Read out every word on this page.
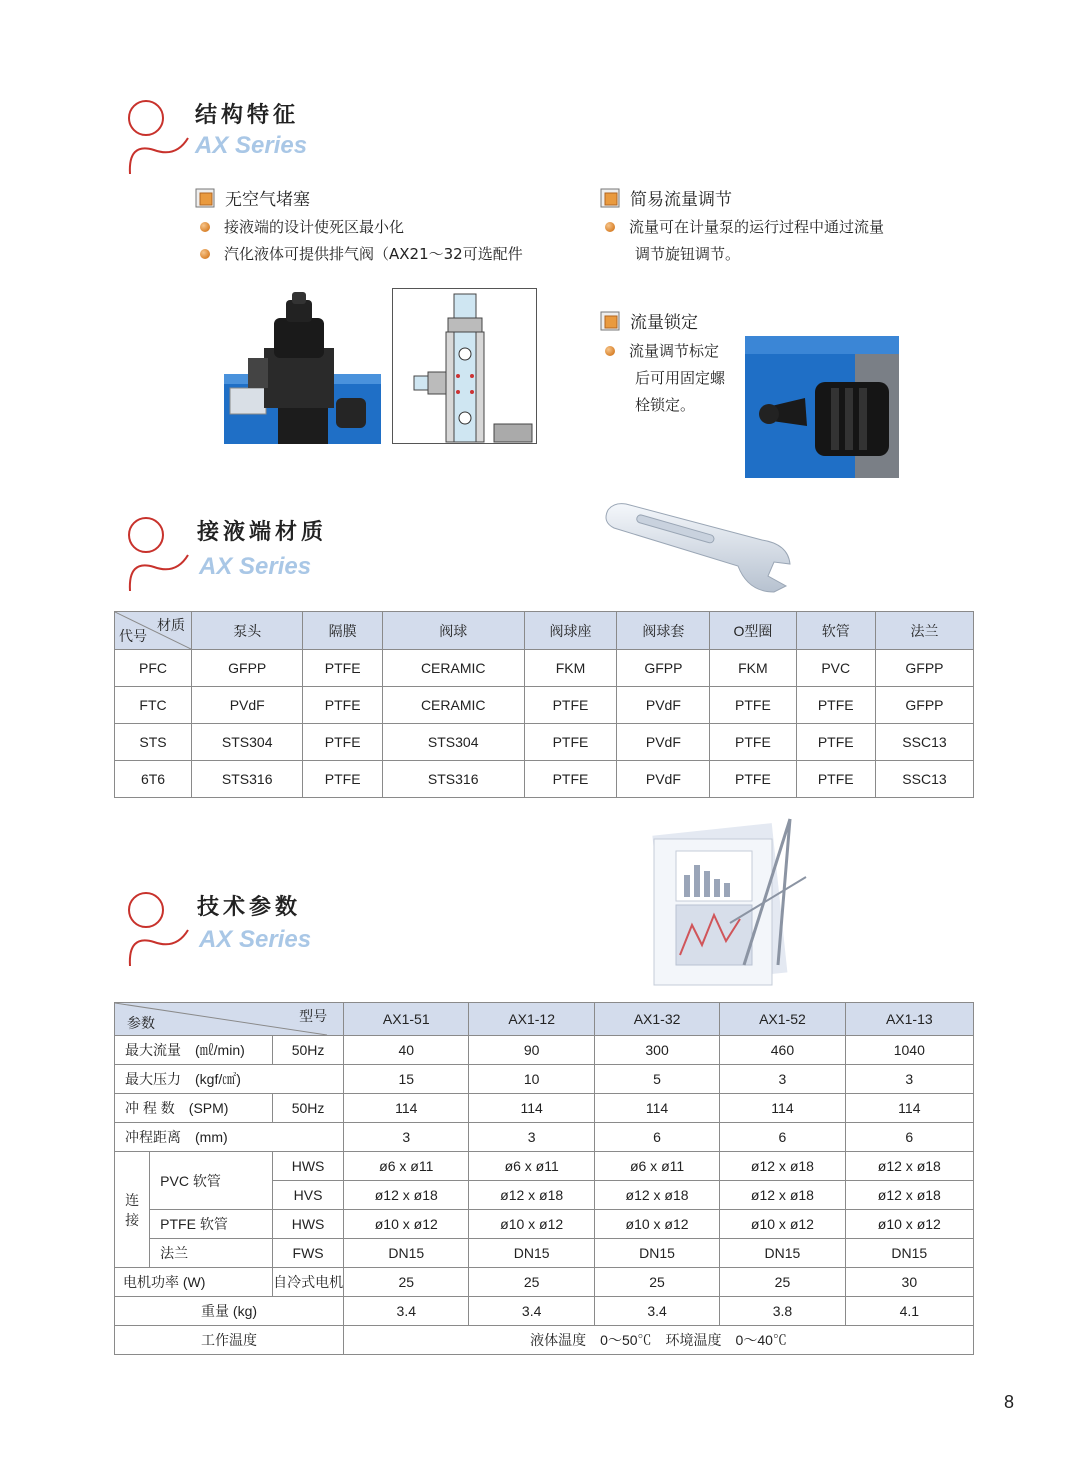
结构特征
AX Series
无空气堵塞
接液端的设计使死区最小化
汽化液体可提供排气阀（AX21～32可选配件
简易流量调节
流量可在计量泵的运行过程中通过流量
调节旋钮调节。
流量锁定
流量调节标定
后可用固定螺
栓锁定。
接液端材质
AX Series
材质
代号	泵头	隔膜	阀球	阀球座	阀球套	O型圈	软管	法兰
PFC	GFPP	PTFE	CERAMIC	FKM	GFPP	FKM	PVC	GFPP
FTC	PVdF	PTFE	CERAMIC	PTFE	PVdF	PTFE	PTFE	GFPP
STS	STS304	PTFE	STS304	PTFE	PVdF	PTFE	PTFE	SSC13
6T6	STS316	PTFE	STS316	PTFE	PVdF	PTFE	PTFE	SSC13
技术参数
AX Series
型号
参数			AX1-51	AX1-12	AX1-32	AX1-52	AX1-13
最大流量　(㎖/min)		50Hz	40	90	300	460	1040
最大压力　(kgf/㎠)			15	10	5	3	3
冲 程 数　(SPM)		50Hz	114	114	114	114	114
冲程距离　(mm)			3	3	6	6	6
连	PVC 软管	HWS	ø6 x ø11	ø6 x ø11	ø6 x ø11	ø12 x ø18	ø12 x ø18
		HVS	ø12 x ø18	ø12 x ø18	ø12 x ø18	ø12 x ø18	ø12 x ø18
接	PTFE 软管	HWS	ø10 x ø12	ø10 x ø12	ø10 x ø12	ø10 x ø12	ø10 x ø12
	法兰	FWS	DN15	DN15	DN15	DN15	DN15
电机功率 (W)		自冷式电机	25	25	25	25	30
重量 (kg)			3.4	3.4	3.4	3.8	4.1
工作温度			液体温度　0～50℃　环境温度　0～40℃				
8
